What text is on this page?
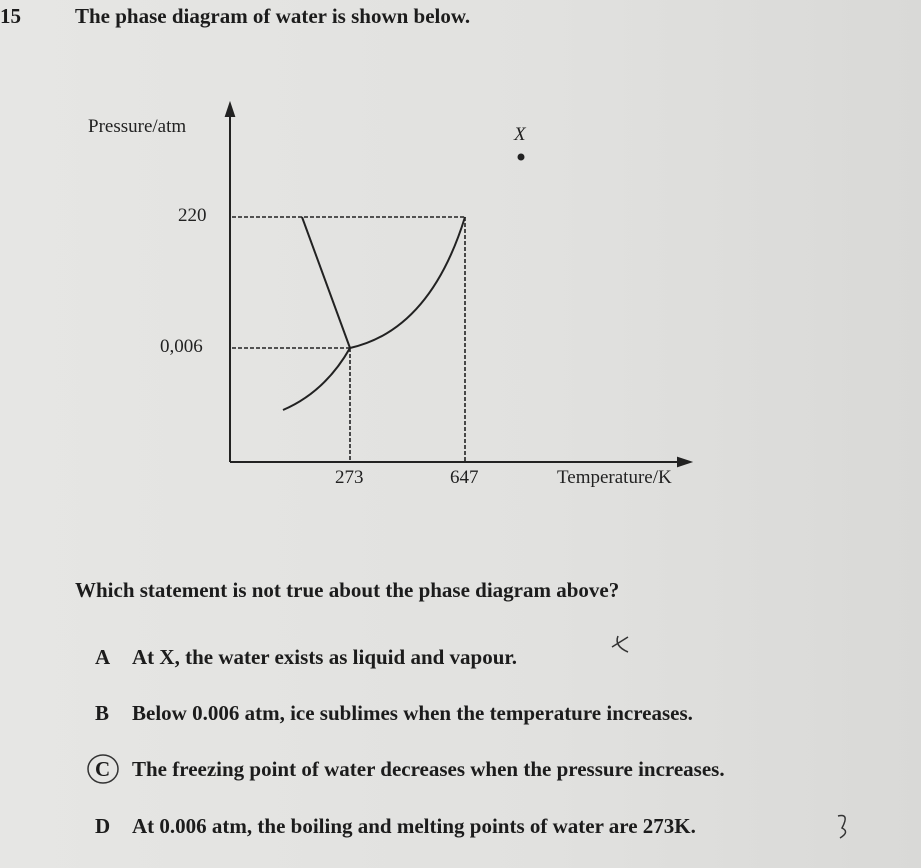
15	The phase diagram of water is shown below.
Pressure/atm
220
0,006
273	647	Temperature/K
X
Which statement is not true about the phase diagram above?
A At X, the water exists as liquid and vapour.
B Below 0.006 atm, ice sublimes when the temperature increases.
C The freezing point of water decreases when the pressure increases.
D At 0.006 atm, the boiling and melting points of water are 273K.
